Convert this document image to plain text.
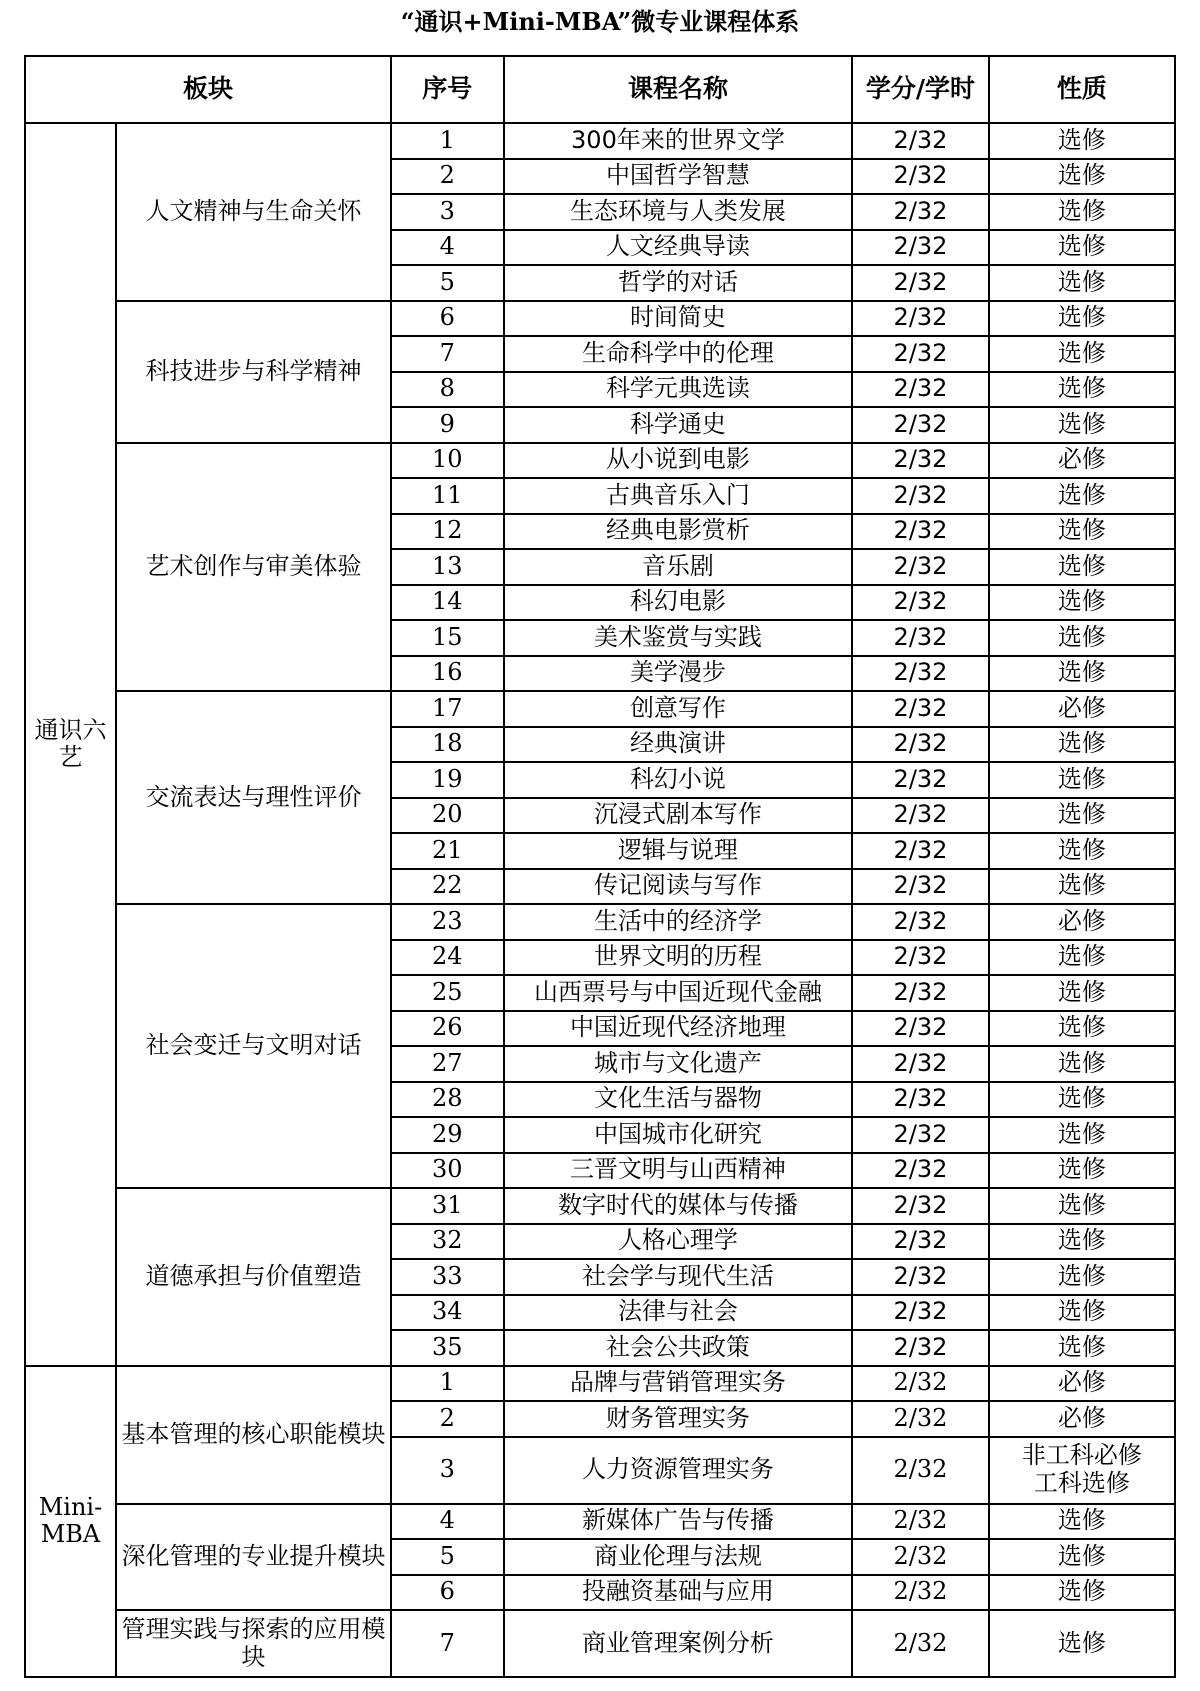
“通识+Mini-MBA”微专业课程体系
板块		序号	课程名称	学分/学时	性质
通识六艺	人文精神与生命关怀	1	300年来的世界文学	2/32	选修
		2	中国哲学智慧	2/32	选修
		3	生态环境与人类发展	2/32	选修
		4	人文经典导读	2/32	选修
		5	哲学的对话	2/32	选修
	科技进步与科学精神	6	时间简史	2/32	选修
		7	生命科学中的伦理	2/32	选修
		8	科学元典选读	2/32	选修
		9	科学通史	2/32	选修
	艺术创作与审美体验	10	从小说到电影	2/32	必修
		11	古典音乐入门	2/32	选修
		12	经典电影赏析	2/32	选修
		13	音乐剧	2/32	选修
		14	科幻电影	2/32	选修
		15	美术鉴赏与实践	2/32	选修
		16	美学漫步	2/32	选修
	交流表达与理性评价	17	创意写作	2/32	必修
		18	经典演讲	2/32	选修
		19	科幻小说	2/32	选修
		20	沉浸式剧本写作	2/32	选修
		21	逻辑与说理	2/32	选修
		22	传记阅读与写作	2/32	选修
	社会变迁与文明对话	23	生活中的经济学	2/32	必修
		24	世界文明的历程	2/32	选修
		25	山西票号与中国近现代金融	2/32	选修
		26	中国近现代经济地理	2/32	选修
		27	城市与文化遗产	2/32	选修
		28	文化生活与器物	2/32	选修
		29	中国城市化研究	2/32	选修
		30	三晋文明与山西精神	2/32	选修
	道德承担与价值塑造	31	数字时代的媒体与传播	2/32	选修
		32	人格心理学	2/32	选修
		33	社会学与现代生活	2/32	选修
		34	法律与社会	2/32	选修
		35	社会公共政策	2/32	选修
Mini-MBA	基本管理的核心职能模块	1	品牌与营销管理实务	2/32	必修
		2	财务管理实务	2/32	必修
		3	人力资源管理实务	2/32	非工科必修
工科选修
	深化管理的专业提升模块	4	新媒体广告与传播	2/32	选修
		5	商业伦理与法规	2/32	选修
		6	投融资基础与应用	2/32	选修
	管理实践与探索的应用模块	7	商业管理案例分析	2/32	选修
